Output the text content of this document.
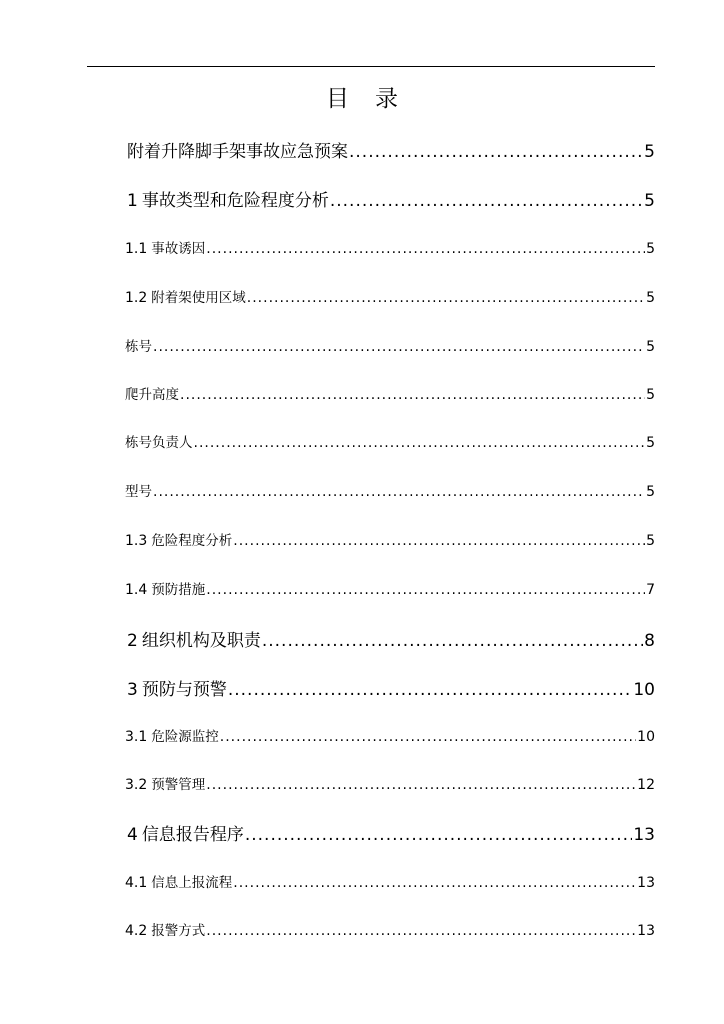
目 录
附着升降脚手架事故应急预案 .....	5
1 事故类型和危险程度分析 .....	5
1.1 事故诱因 .....	5
1.2 附着架使用区域 .....	5
栋号 .....	5
爬升高度 .....	5
栋号负责人 .....	5
型号 .....	5
1.3 危险程度分析 .....	5
1.4 预防措施 .....	7
2 组织机构及职责 .....	8
3 预防与预警 .....	10
3.1 危险源监控 .....	10
3.2 预警管理 .....	12
4 信息报告程序 .....	13
4.1 信息上报流程 .....	13
4.2 报警方式 .....	13
